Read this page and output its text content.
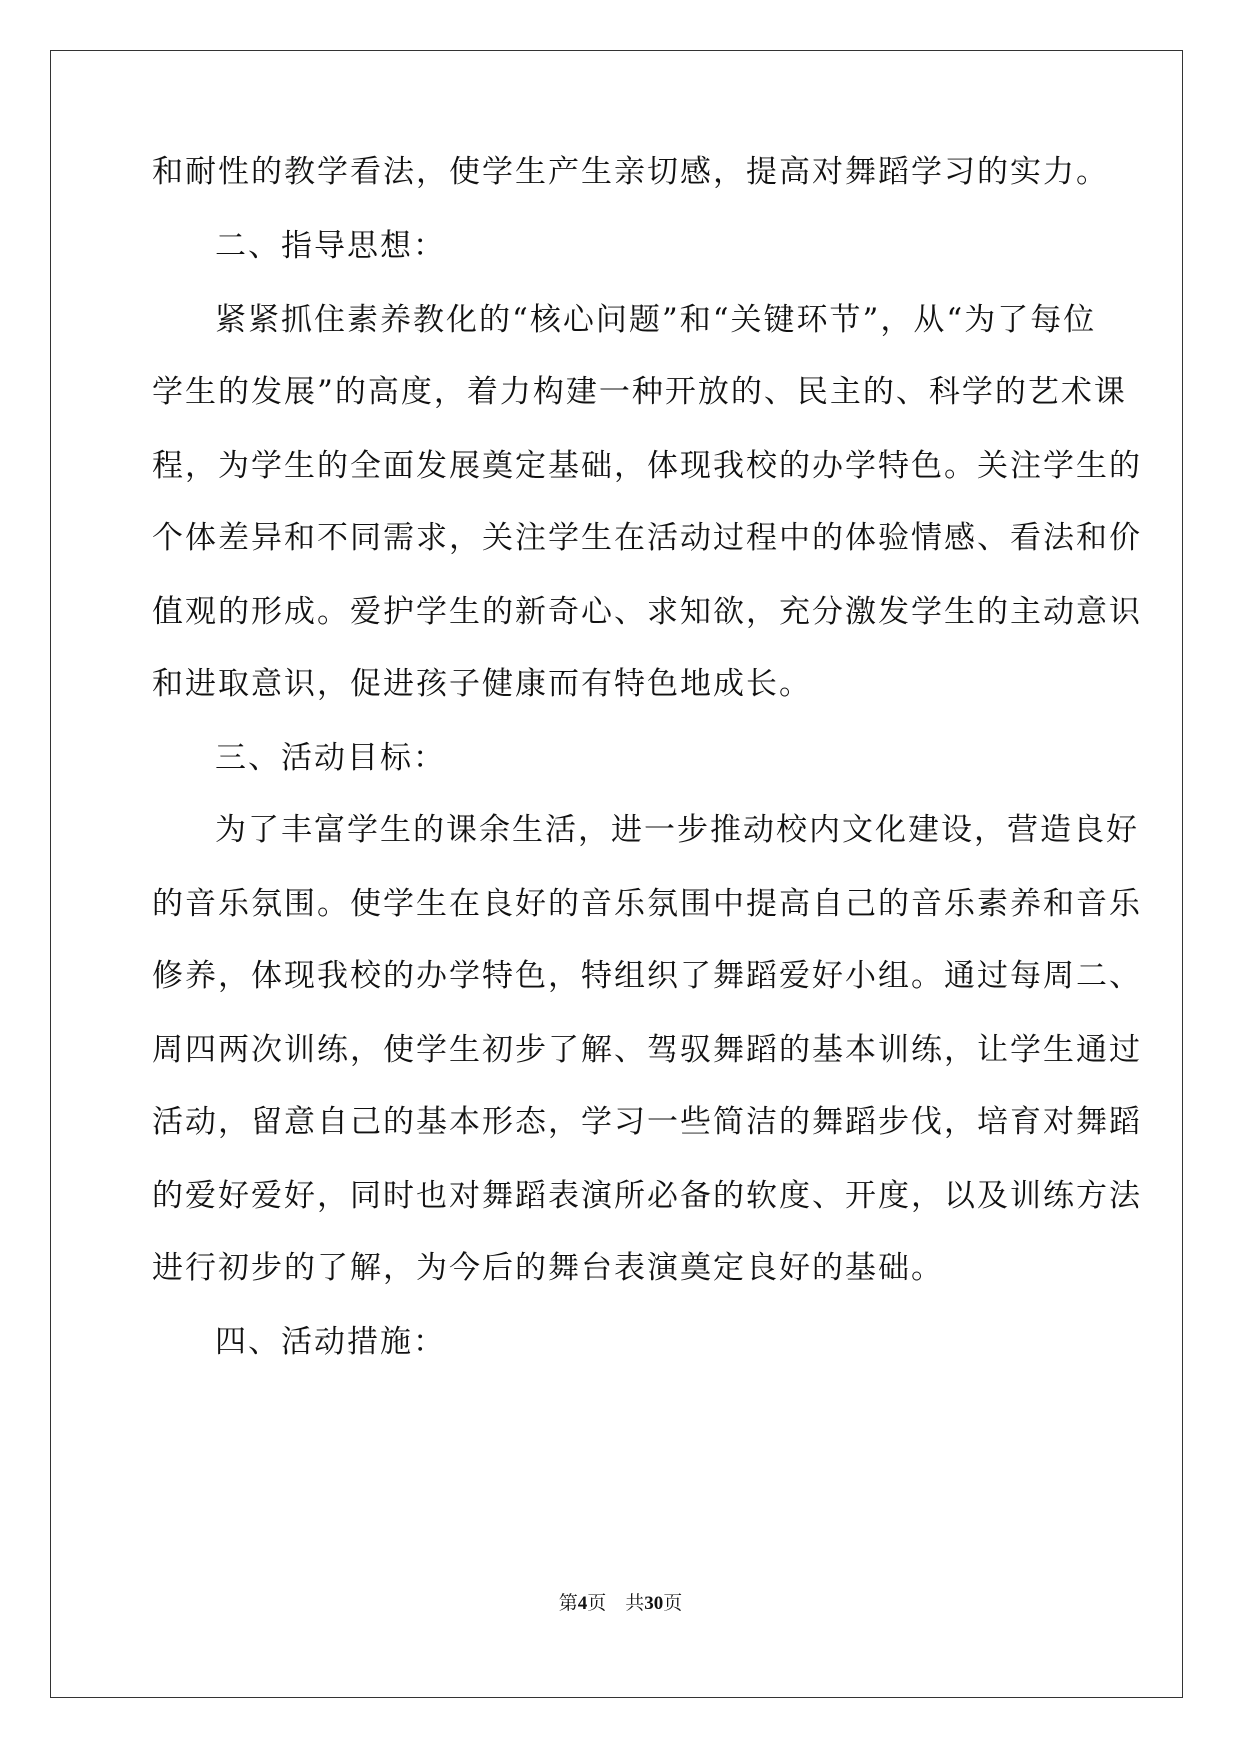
和耐性的教学看法，使学生产生亲切感，提高对舞蹈学习的实力。
二、指导思想：
紧紧抓住素养教化的“核心问题”和“关键环节”，从“为了每位
学生的发展”的高度，着力构建一种开放的、民主的、科学的艺术课
程，为学生的全面发展奠定基础，体现我校的办学特色。关注学生的
个体差异和不同需求，关注学生在活动过程中的体验情感、看法和价
值观的形成。爱护学生的新奇心、求知欲，充分激发学生的主动意识
和进取意识，促进孩子健康而有特色地成长。
三、活动目标：
为了丰富学生的课余生活，进一步推动校内文化建设，营造良好
的音乐氛围。使学生在良好的音乐氛围中提高自己的音乐素养和音乐
修养，体现我校的办学特色，特组织了舞蹈爱好小组。通过每周二、
周四两次训练，使学生初步了解、驾驭舞蹈的基本训练，让学生通过
活动，留意自己的基本形态，学习一些简洁的舞蹈步伐，培育对舞蹈
的爱好爱好，同时也对舞蹈表演所必备的软度、开度，以及训练方法
进行初步的了解，为今后的舞台表演奠定良好的基础。
四、活动措施：
第4页　共30页
